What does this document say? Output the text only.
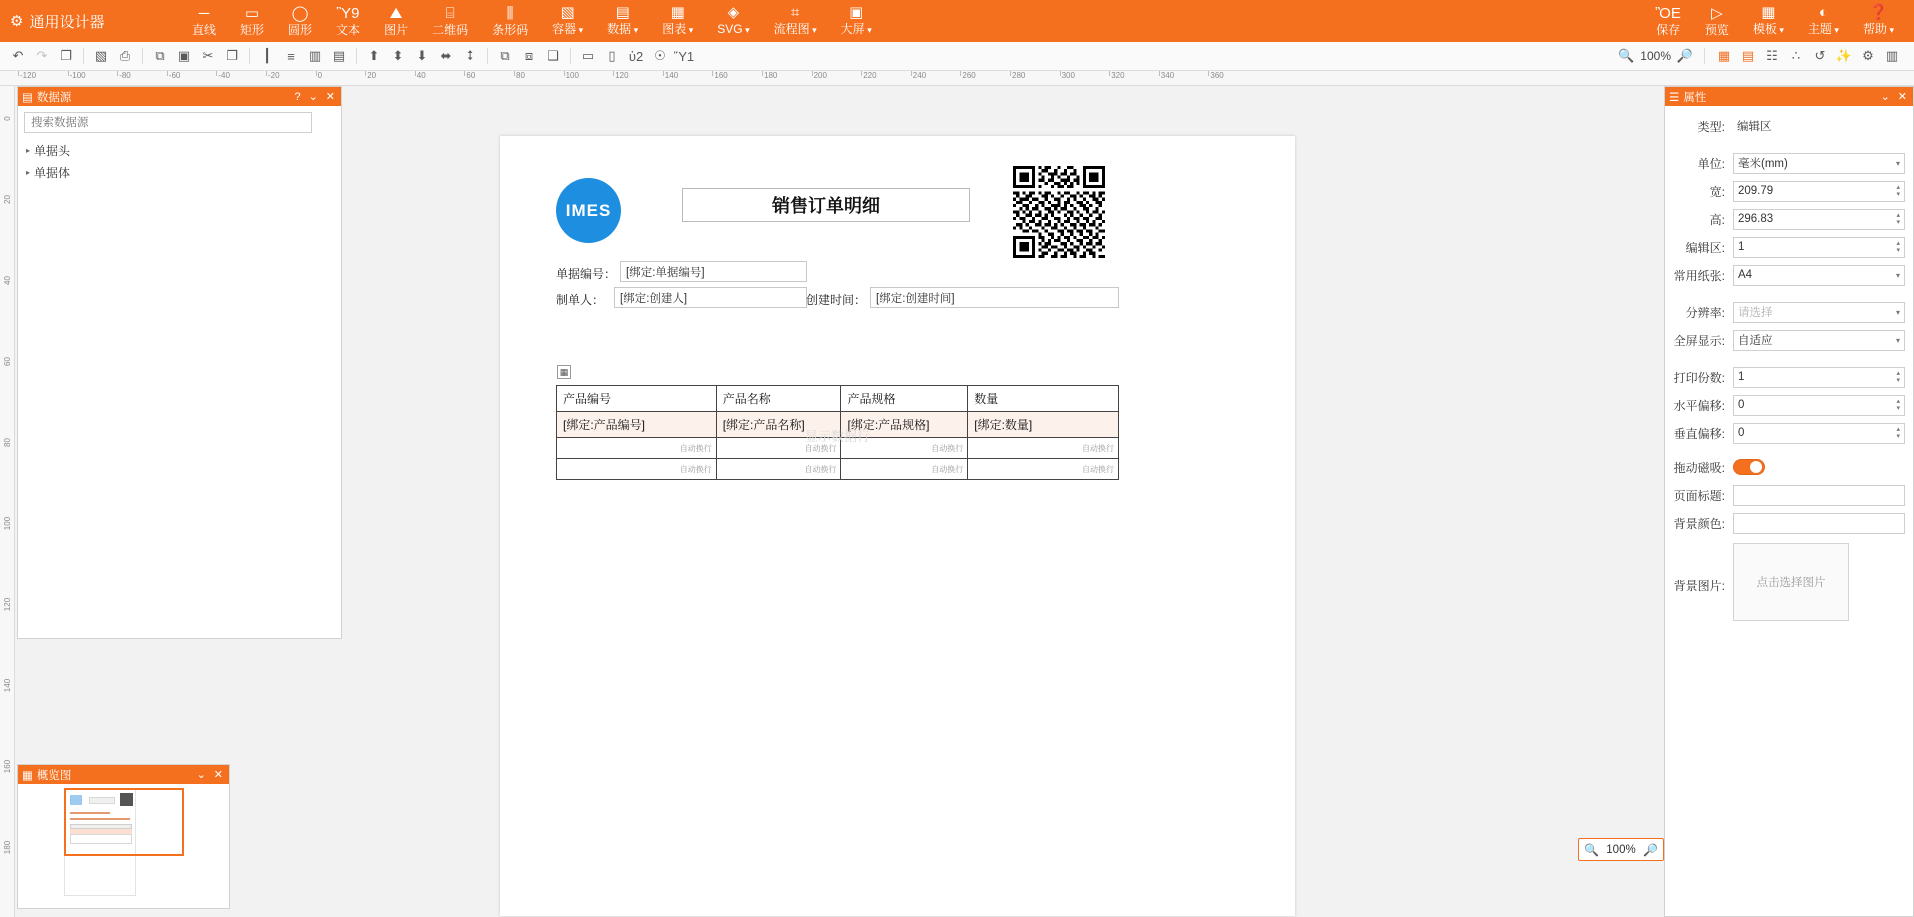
⚙ 通用设计器
─
直线
▭
矩形
◯
圆形
Ὓ9
文本
⛰
图片
⌸
二维码
⫼
条形码
▧
容器 ▾
▤
数据 ▾
▦
图表 ▾
◈
SVG ▾
⌗
流程图 ▾
▣
大屏 ▾
ὋE
保存
▷
预览
▦
模板 ▾
◐
主题 ▾
❓
帮助 ▾
↶	↷ ❐	▧ ⎙	⧉	▣ ✂ ❐	┃	≡	▥ ▤	⬆	⬍	⬇	⬌	⭥	⧉	⧈	❑	▭	▯	ὑ2 ☉ Ὕ1	🔍 100% 🔎	▦ ▤ ☷	∴	↺ ✨ ⚙ ▥
-120	-100	-80	-60	-40	-20	0	20	40	60	80	100	120	140	160	180	200	220	240	260	280	300	320	340	360
0
20
40
60
80
100
120
140
160
180
IMES	销售订单明细
单据编号： [绑定:单据编号]
制单人：	[绑定:创建人]	创建时间： [绑定:创建时间]
▦
产品编号	产品名称	产品规格	数量
[绑定:产品编号]	[绑定:产品名称]	[绑定:产品规格]	[绑定:数量]
自动换行	自动换行	自动换行	自动换行
自动换行	自动换行	自动换行	自动换行
显示数据行
▤ 数据源	? ⌄ ✕
搜索数据源
▸ 单据头
▸ 单据体
▦ 概览图	⌄ ✕
☰ 属性	⌄ ✕
类型:	编辑区
单位:	毫米(mm)	▾
宽:	209.79	▴
▾
高:	296.83	▴
▾
编辑区:	1	▴
▾
常用纸张:	A4	▾
分辨率:	请选择	▾
全屏显示:	自适应	▾
打印份数:	1	▴
▾
水平偏移:	0	▴
▾
垂直偏移:	0	▴
▾
拖动磁吸:
页面标题:
背景颜色:
背景图片:	点击选择图片
🔍 100% 🔎
